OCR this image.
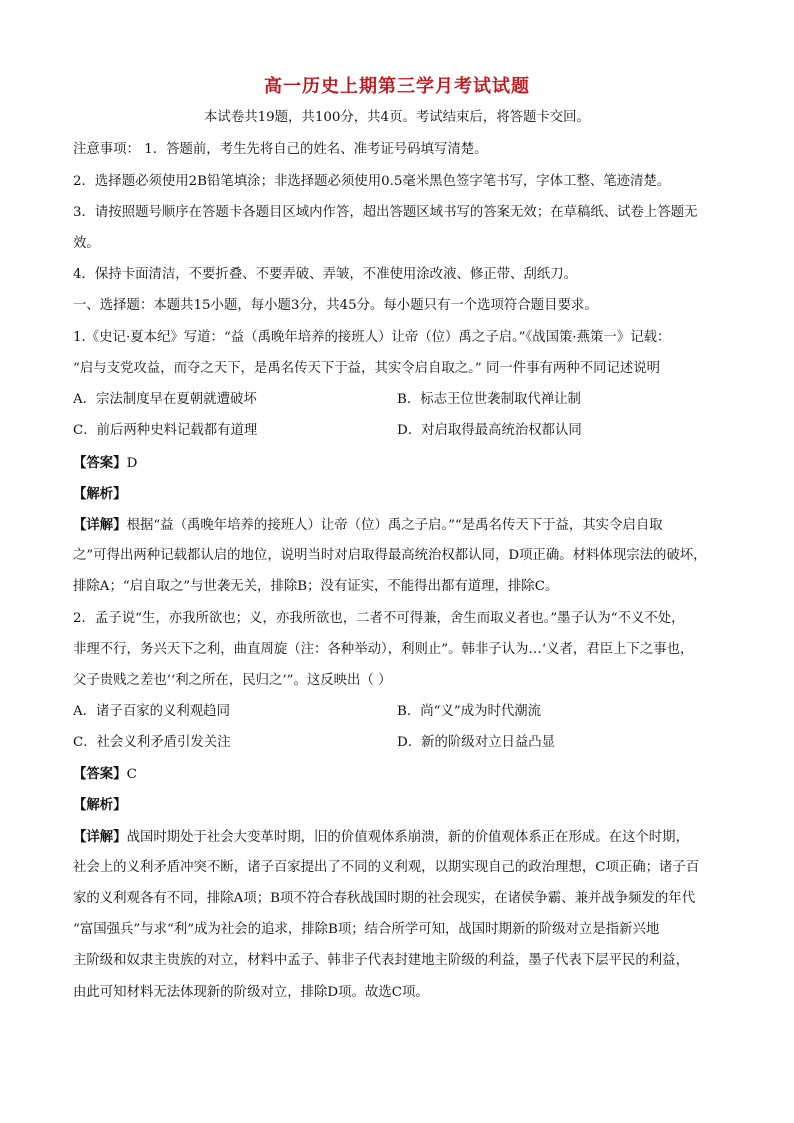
高一历史上期第三学月考试试题
本试卷共19题，共100分，共4页。考试结束后，将答题卡交回。
注意事项： 1．答题前，考生先将自己的姓名、准考证号码填写清楚。
2．选择题必须使用2B铅笔填涂；非选择题必须使用0.5毫米黑色签字笔书写，字体工整、笔迹清楚。
3．请按照题号顺序在答题卡各题目区域内作答，超出答题区域书写的答案无效；在草稿纸、试卷上答题无
效。
4．保持卡面清洁，不要折叠、不要弄破、弄皱，不准使用涂改液、修正带、刮纸刀。
一、选择题：本题共15小题，每小题3分，共45分。每小题只有一个选项符合题目要求。
1.《史记·夏本纪》写道：“益（禹晚年培养的接班人）让帝（位）禹之子启。”《战国策·燕策一》记载：
“启与支党攻益，而夺之天下，是禹名传天下于益，其实令启自取之。” 同一件事有两种不同记述说明
A．宗法制度早在夏朝就遭破坏	B．标志王位世袭制取代禅让制
C．前后两种史料记载都有道理	D．对启取得最高统治权都认同
【答案】D
【解析】
【详解】根据“益（禹晚年培养的接班人）让帝（位）禹之子启。”“是禹名传天下于益，其实令启自取
之”可得出两种记载都认启的地位，说明当时对启取得最高统治权都认同，D项正确。材料体现宗法的破坏，
排除A；“启自取之”与世袭无关，排除B；没有证实，不能得出都有道理，排除C。
2．孟子说“生，亦我所欲也；义，亦我所欲也，二者不可得兼，舍生而取义者也。”墨子认为“不义不处，
非理不行，务兴天下之利，曲直周旋（注：各种举动），利则止”。韩非子认为…‘义者，君臣上下之事也，
父子贵贱之差也’‘利之所在，民归之’”。这反映出（ ）
A．诸子百家的义利观趋同	B．尚“义”成为时代潮流
C．社会义利矛盾引发关注	D．新的阶级对立日益凸显
【答案】C
【解析】
【详解】战国时期处于社会大变革时期，旧的价值观体系崩溃，新的价值观体系正在形成。在这个时期，
社会上的义利矛盾冲突不断，诸子百家提出了不同的义利观，以期实现自己的政治理想，C项正确；诸子百
家的义利观各有不同，排除A项；B项不符合春秋战国时期的社会现实，在诸侯争霸、兼并战争频发的年代
“富国强兵”与求“利”成为社会的追求，排除B项；结合所学可知，战国时期新的阶级对立是指新兴地
主阶级和奴隶主贵族的对立，材料中孟子、韩非子代表封建地主阶级的利益，墨子代表下层平民的利益，
由此可知材料无法体现新的阶级对立，排除D项。故选C项。
